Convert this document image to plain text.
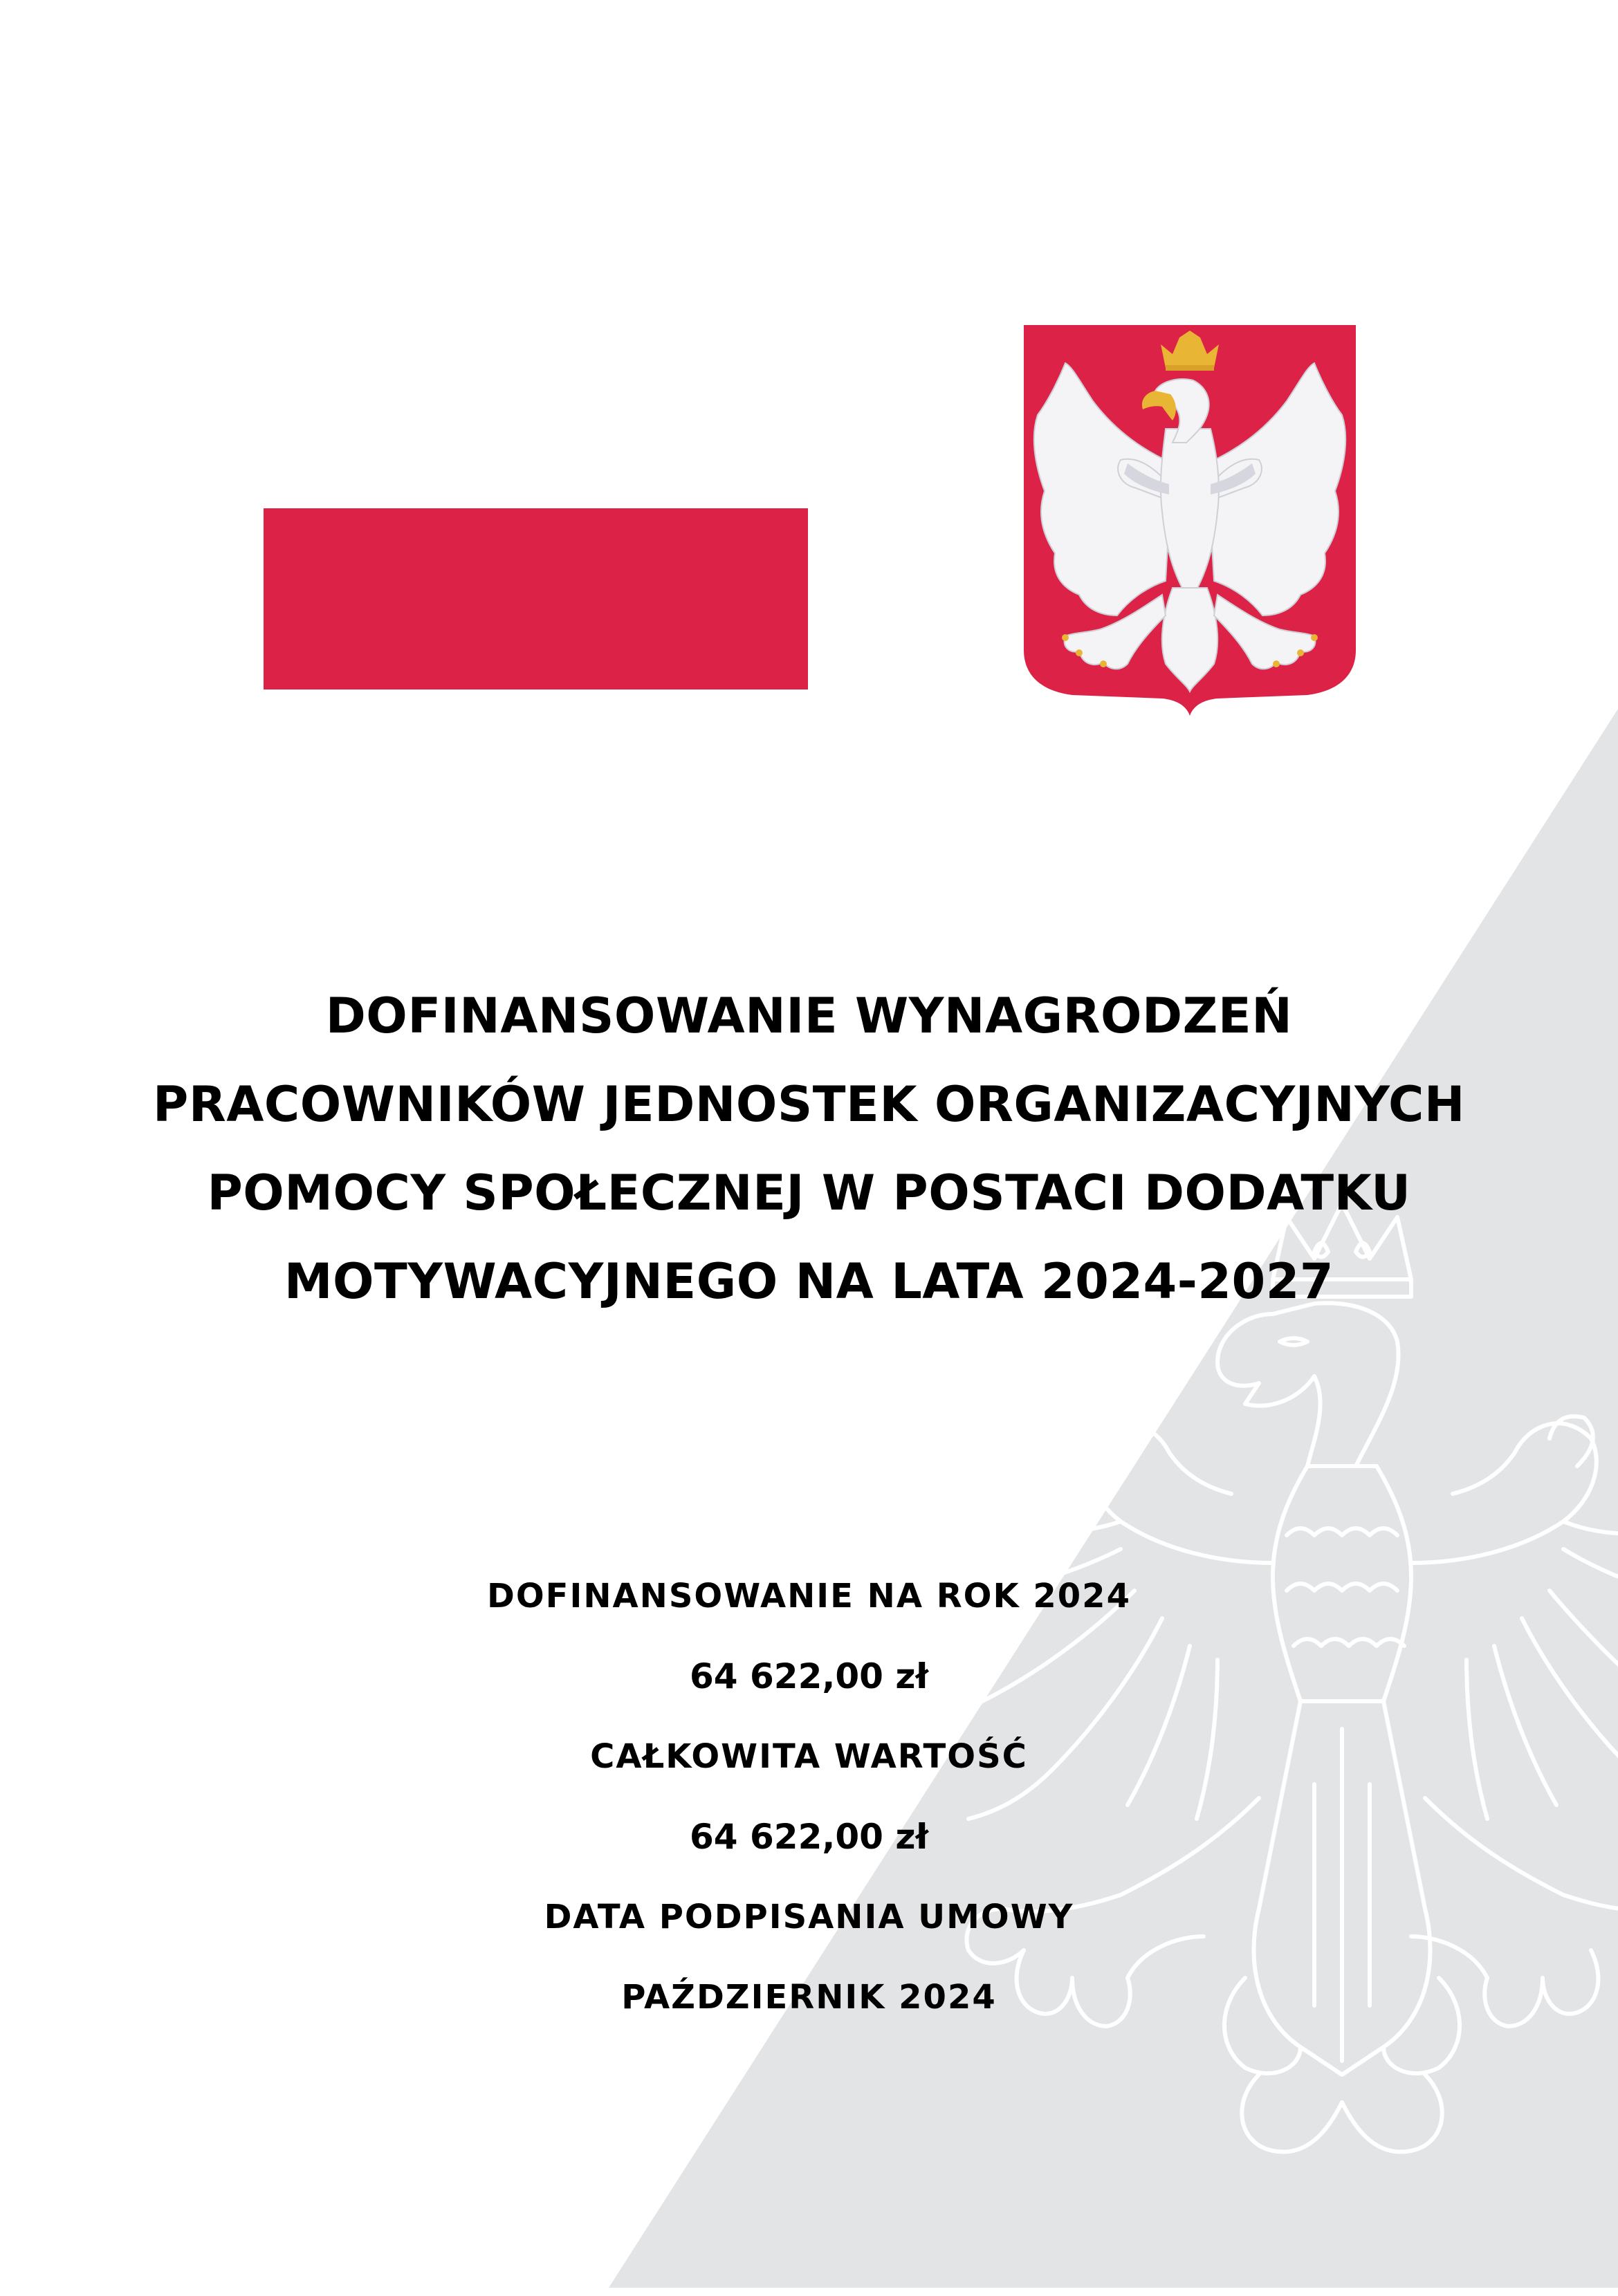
DOFINANSOWANIE WYNAGRODZEŃ
PRACOWNIKÓW JEDNOSTEK ORGANIZACYJNYCH
POMOCY SPOŁECZNEJ W POSTACI DODATKU
MOTYWACYJNEGO NA LATA 2024-2027
DOFINANSOWANIE NA ROK 2024
64 622,00 zł
CAŁKOWITA WARTOŚĆ
64 622,00 zł
DATA PODPISANIA UMOWY
PAŹDZIERNIK 2024
